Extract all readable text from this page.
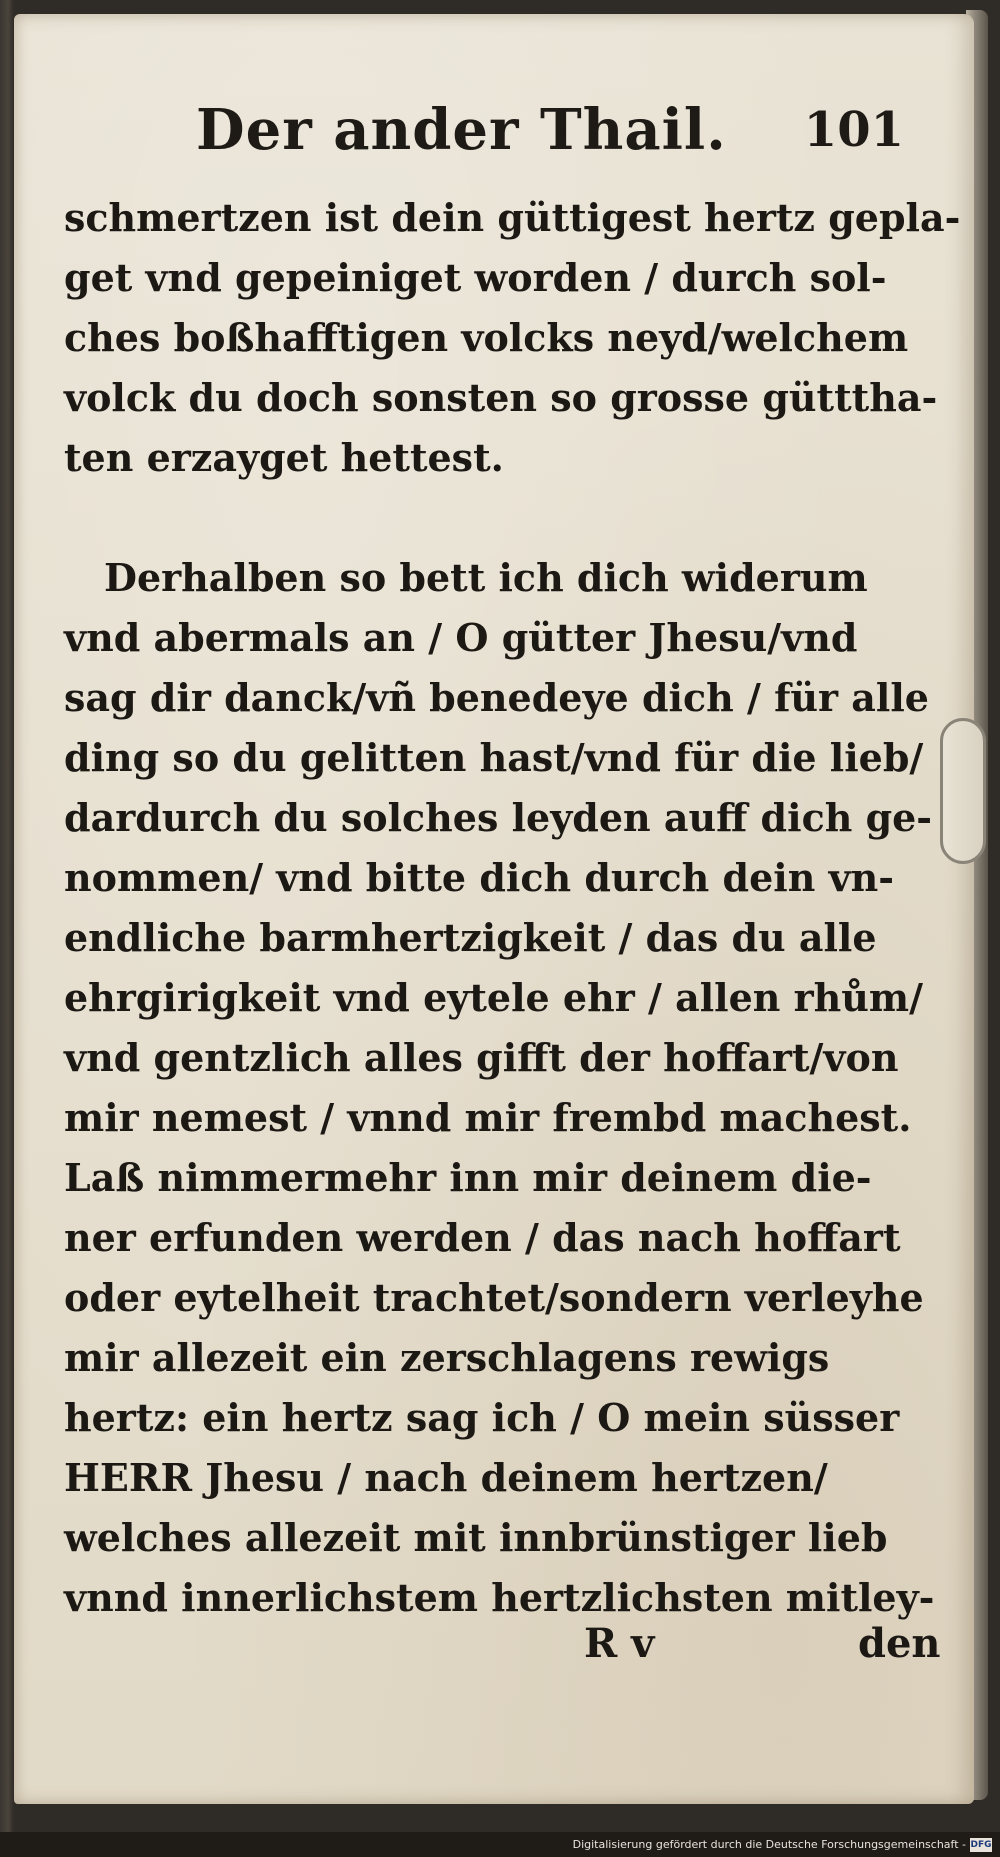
Der ander Thail. 101
schmertzen ist dein güttigest hertz gepla-
get vnd gepeiniget worden / durch sol-
ches boßhafftigen volcks neyd/welchem
volck du doch sonsten so grosse gütttha-
ten erzayget hettest.
Derhalben so bett ich dich widerum
vnd abermals an / O gütter Jhesu/vnd
sag dir danck/vñ benedeye dich / für alle
ding so du gelitten hast/vnd für die lieb/
dardurch du solches leyden auff dich ge-
nommen/ vnd bitte dich durch dein vn-
endliche barmhertzigkeit / das du alle
ehrgirigkeit vnd eytele ehr / allen rhům/
vnd gentzlich alles gifft der hoffart/von
mir nemest / vnnd mir frembd machest.
Laß nimmermehr inn mir deinem die-
ner erfunden werden / das nach hoffart
oder eytelheit trachtet/sondern verleyhe
mir allezeit ein zerschlagens rewigs
hertz: ein hertz sag ich / O mein süsser
HERR Jhesu / nach deinem hertzen/
welches allezeit mit innbrünstiger lieb
vnnd innerlichstem hertzlichsten mitley-
R v	den
Digitalisierung gefördert durch die Deutsche Forschungsgemeinschaft - DFG
